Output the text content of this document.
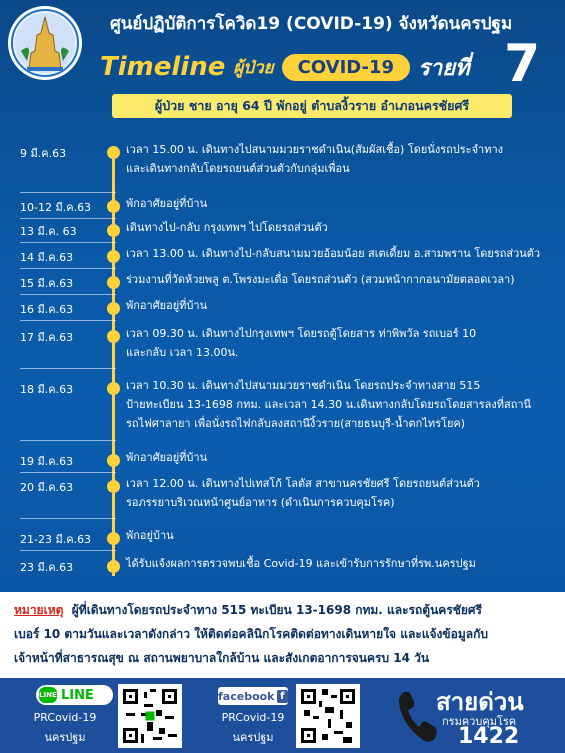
ศูนย์ปฏิบัติการโควิด19 (COVID-19) จังหวัดนครปฐม
Timeline ผู้ป่วย	COVID-19	รายที่ 7
ผู้ป่วย ชาย อายุ 64 ปี พักอยู่ ตำบลงิ้วราย อำเภอนครชัยศรี
9 มี.ค.63	เวลา 15.00 น. เดินทางไปสนามมวยราชดำเนิน(สัมผัสเชื้อ) โดยนั่งรถประจำทาง
และเดินทางกลับโดยรถยนต์ส่วนตัวกับกลุ่มเพื่อน
10-12 มี.ค.63	พักอาศัยอยู่ที่บ้าน
13 มี.ค. 63	เดินทางไป-กลับ กรุงเทพฯ ไปโดยรถส่วนตัว
14 มี.ค.63	เวลา 13.00 น. เดินทางไป-กลับสนามมวยอ้อมน้อย สเตเดี้ยม อ.สามพราน โดยรถส่วนตัว
15 มี.ค.63	ร่วมงานที่วัดห้วยพลู ต.โพรงมะเดื่อ โดยรถส่วนตัว (สวมหน้ากากอนามัยตลอดเวลา)
16 มี.ค.63	พักอาศัยอยู่ที่บ้าน
17 มี.ค.63	เวลา 09.30 น. เดินทางไปกรุงเทพฯ โดยรถตู้โดยสาร ท่าพิพวัล รถเบอร์ 10
และกลับ เวลา 13.00น.
18 มี.ค.63	เวลา 10.30 น. เดินทางไปสนามมวยราชดำเนิน โดยรถประจำทางสาย 515
ป้ายทะเบียน 13-1698 กทม. และเวลา 14.30 น.เดินทางกลับโดยรถโดยสารลงที่สถานี
รถไฟศาลายา เพื่อนั่งรถไฟกลับลงสถานีงิ้วราย(สายธนบุรี-น้ำตกไทรโยค)
19 มี.ค.63	พักอาศัยอยู่ที่บ้าน
20 มี.ค.63	เวลา 12.00 น. เดินทางไปเทสโก้ โลตัส สาขานครชัยศรี โดยรถยนต์ส่วนตัว
รอภรรยาบริเวณหน้าศูนย์อาหาร (ดำเนินการควบคุมโรค)
21-23 มี.ค.63	พักอยู่บ้าน
23 มี.ค.63	ได้รับแจ้งผลการตรวจพบเชื้อ Covid-19 และเข้ารับการรักษาที่รพ.นครปฐม
หมายเหตุ ผู้ที่เดินทางโดยรถประจำทาง 515 ทะเบียน 13-1698 กทม. และรถตู้นครชัยศรี
เบอร์ 10 ตามวันและเวลาดังกล่าว ให้ติดต่อคลินิกโรคติดต่อทางเดินหายใจ และแจ้งข้อมูลกับ
เจ้าหน้าที่สาธารณสุข ณ สถานพยาบาลใกล้บ้าน และสังเกตอาการจนครบ 14 วัน
LINE LINE
PRCovid-19
นครปฐม
facebook f
PRCovid-19
นครปฐม
สายด่วน
กรมควบคุมโรค
1422
